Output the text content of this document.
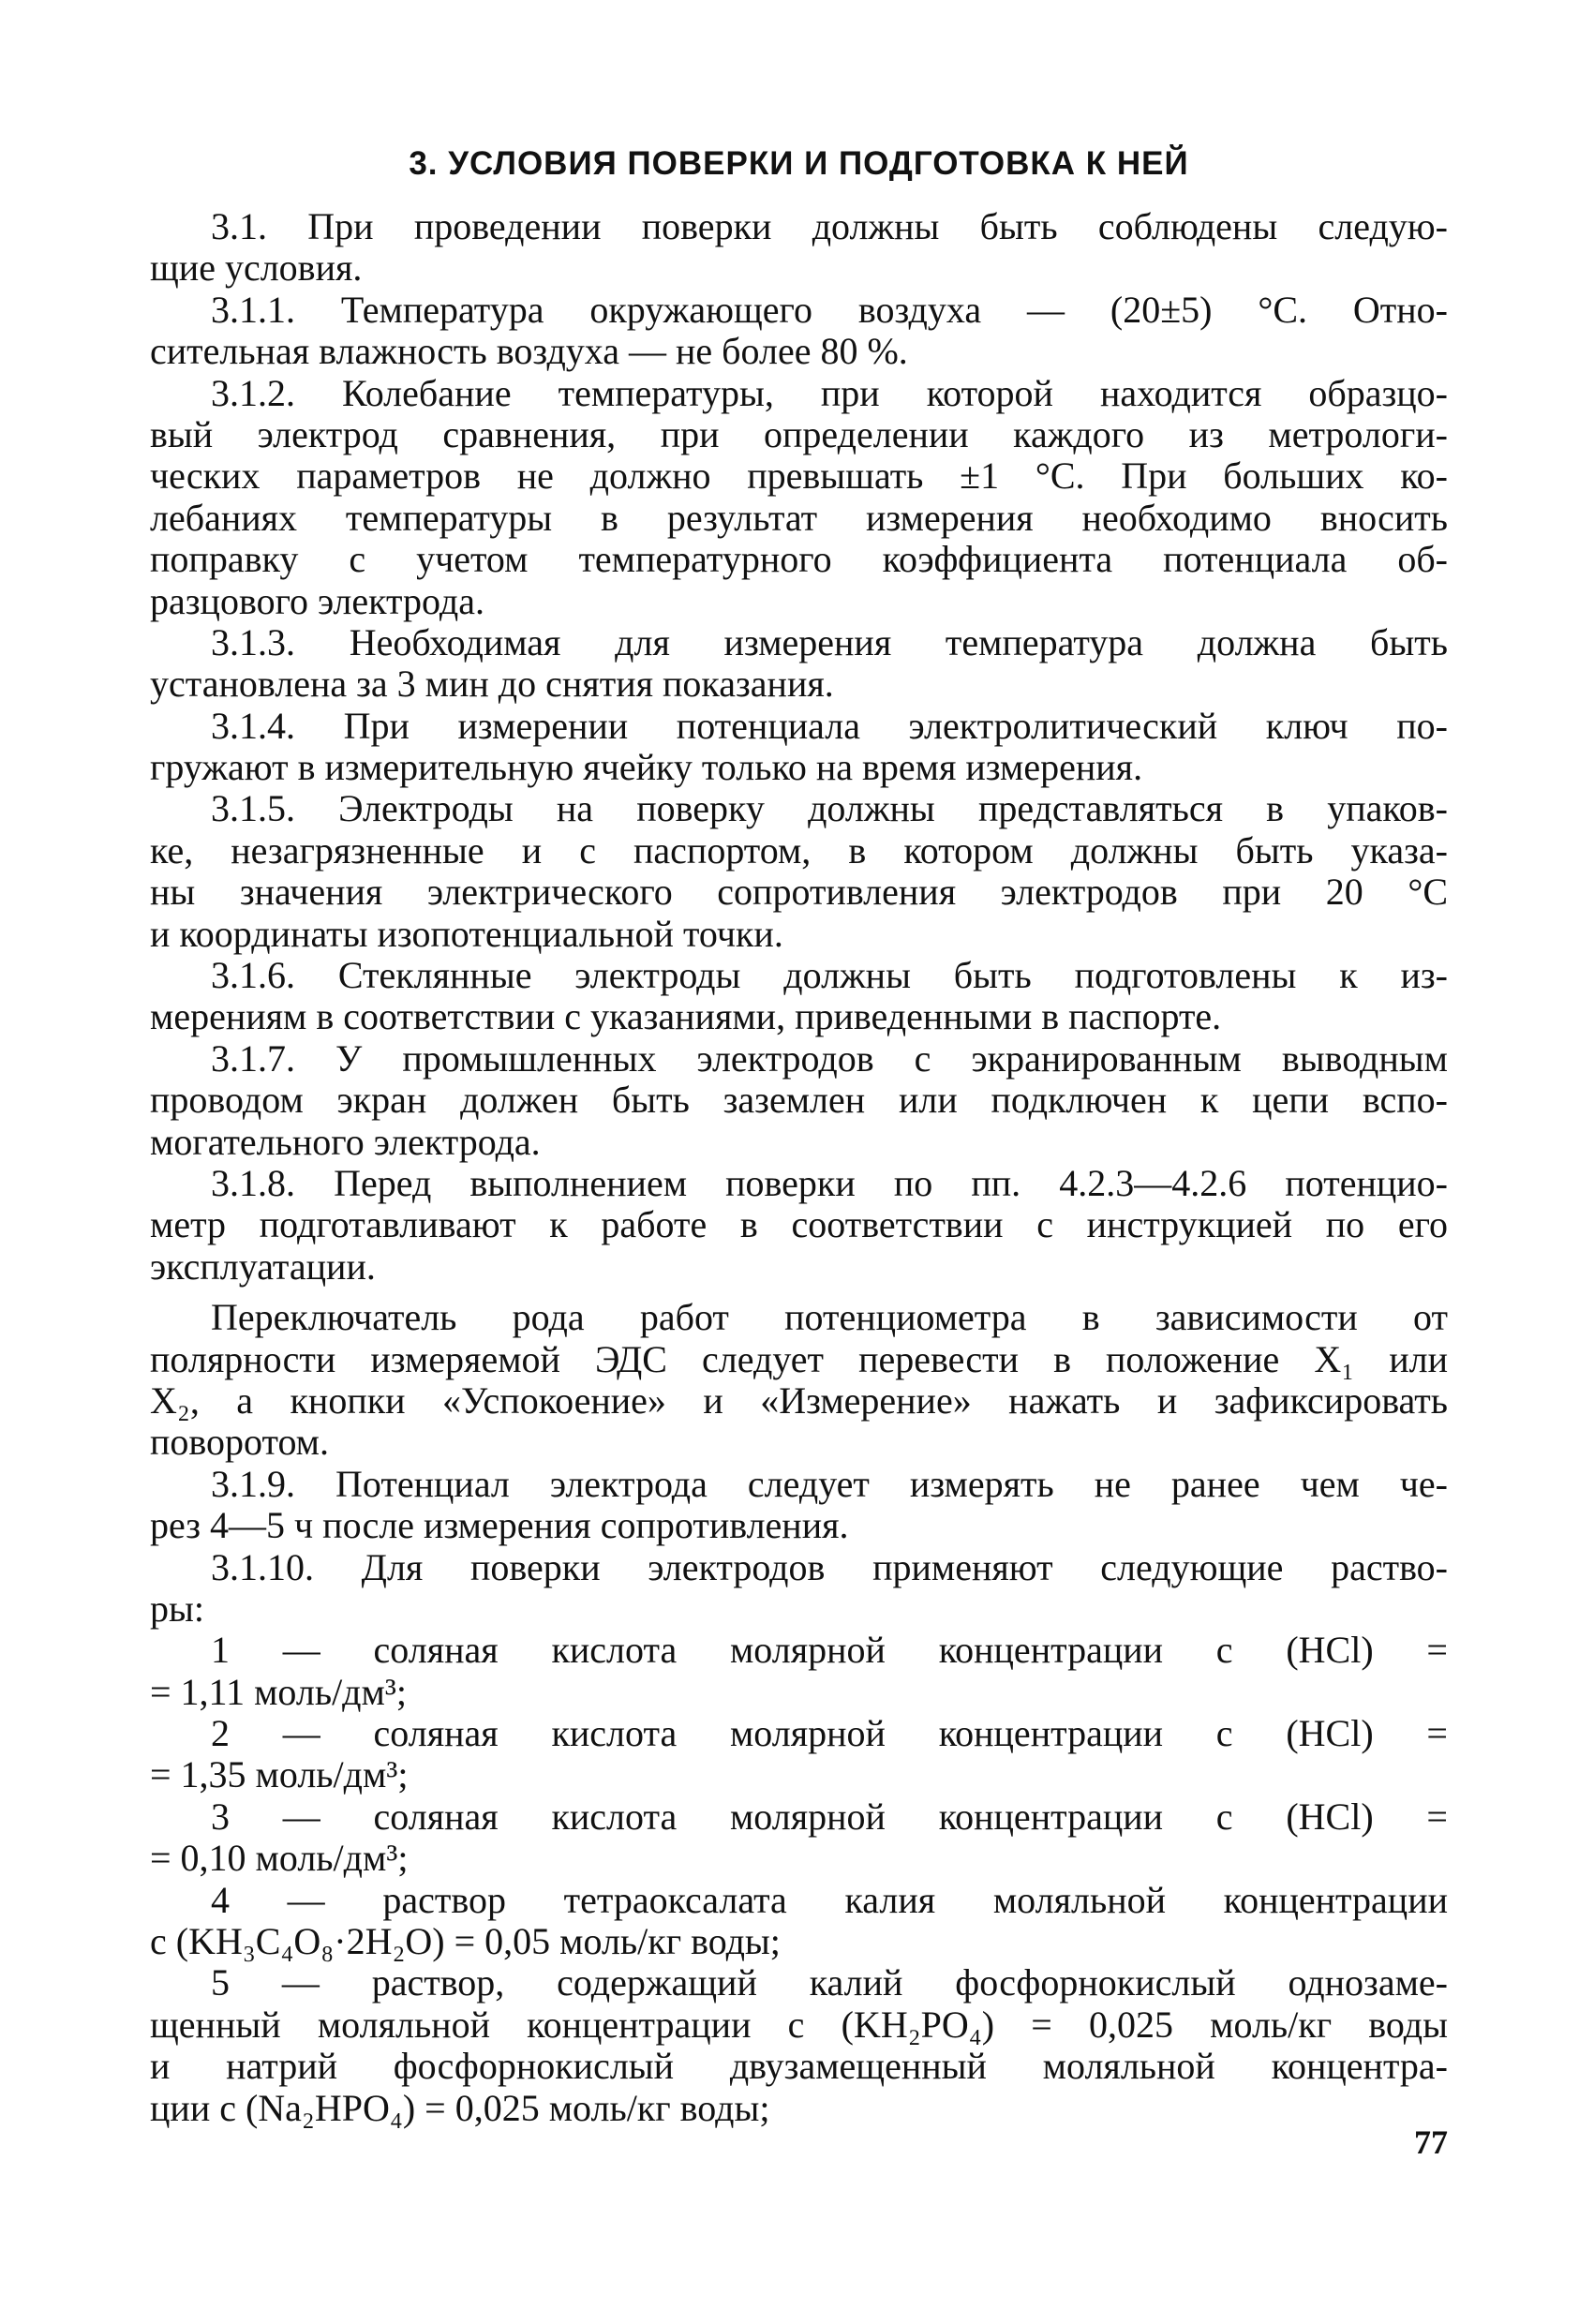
3. УСЛОВИЯ ПОВЕРКИ И ПОДГОТОВКА К НЕЙ
3.1. При проведении поверки должны быть соблюдены следую-
щие условия.
3.1.1. Температура окружающего воздуха — (20±5) °С. Отно-
сительная влажность воздуха — не более 80 %.
3.1.2. Колебание температуры, при которой находится образцо-
вый электрод сравнения, при определении каждого из метрологи-
ческих параметров не должно превышать ±1 °С. При больших ко-
лебаниях температуры в результат измерения необходимо вносить
поправку с учетом температурного коэффициента потенциала об-
разцового электрода.
3.1.3. Необходимая для измерения температура должна быть
установлена за 3 мин до снятия показания.
3.1.4. При измерении потенциала электролитический ключ по-
гружают в измерительную ячейку только на время измерения.
3.1.5. Электроды на поверку должны представляться в упаков-
ке, незагрязненные и с паспортом, в котором должны быть указа-
ны значения электрического сопротивления электродов при 20 °С
и координаты изопотенциальной точки.
3.1.6. Стеклянные электроды должны быть подготовлены к из-
мерениям в соответствии с указаниями, приведенными в паспорте.
3.1.7. У промышленных электродов с экранированным выводным
проводом экран должен быть заземлен или подключен к цепи вспо-
могательного электрода.
3.1.8. Перед выполнением поверки по пп. 4.2.3—4.2.6 потенцио-
метр подготавливают к работе в соответствии с инструкцией по его
эксплуатации.
Переключатель рода работ потенциометра в зависимости от
полярности измеряемой ЭДС следует перевести в положение X₁ или
X₂, а кнопки «Успокоение» и «Измерение» нажать и зафиксировать
поворотом.
3.1.9. Потенциал электрода следует измерять не ранее чем че-
рез 4—5 ч после измерения сопротивления.
3.1.10. Для поверки электродов применяют следующие раство-
ры:
1 — соляная кислота молярной концентрации c (HCl) =
= 1,11 моль/дм³;
2 — соляная кислота молярной концентрации c (HCl) =
= 1,35 моль/дм³;
3 — соляная кислота молярной концентрации c (HCl) =
= 0,10 моль/дм³;
4 — раствор тетраоксалата калия моляльной концентрации
c (KH₃C₄O₈·2H₂O) = 0,05 моль/кг воды;
5 — раствор, содержащий калий фосфорнокислый однозаме-
щенный моляльной концентрации c (KH₂PO₄) = 0,025 моль/кг воды
и натрий фосфорнокислый двузамещенный моляльной концентра-
ции c (Na₂HPO₄) = 0,025 моль/кг воды;
77
